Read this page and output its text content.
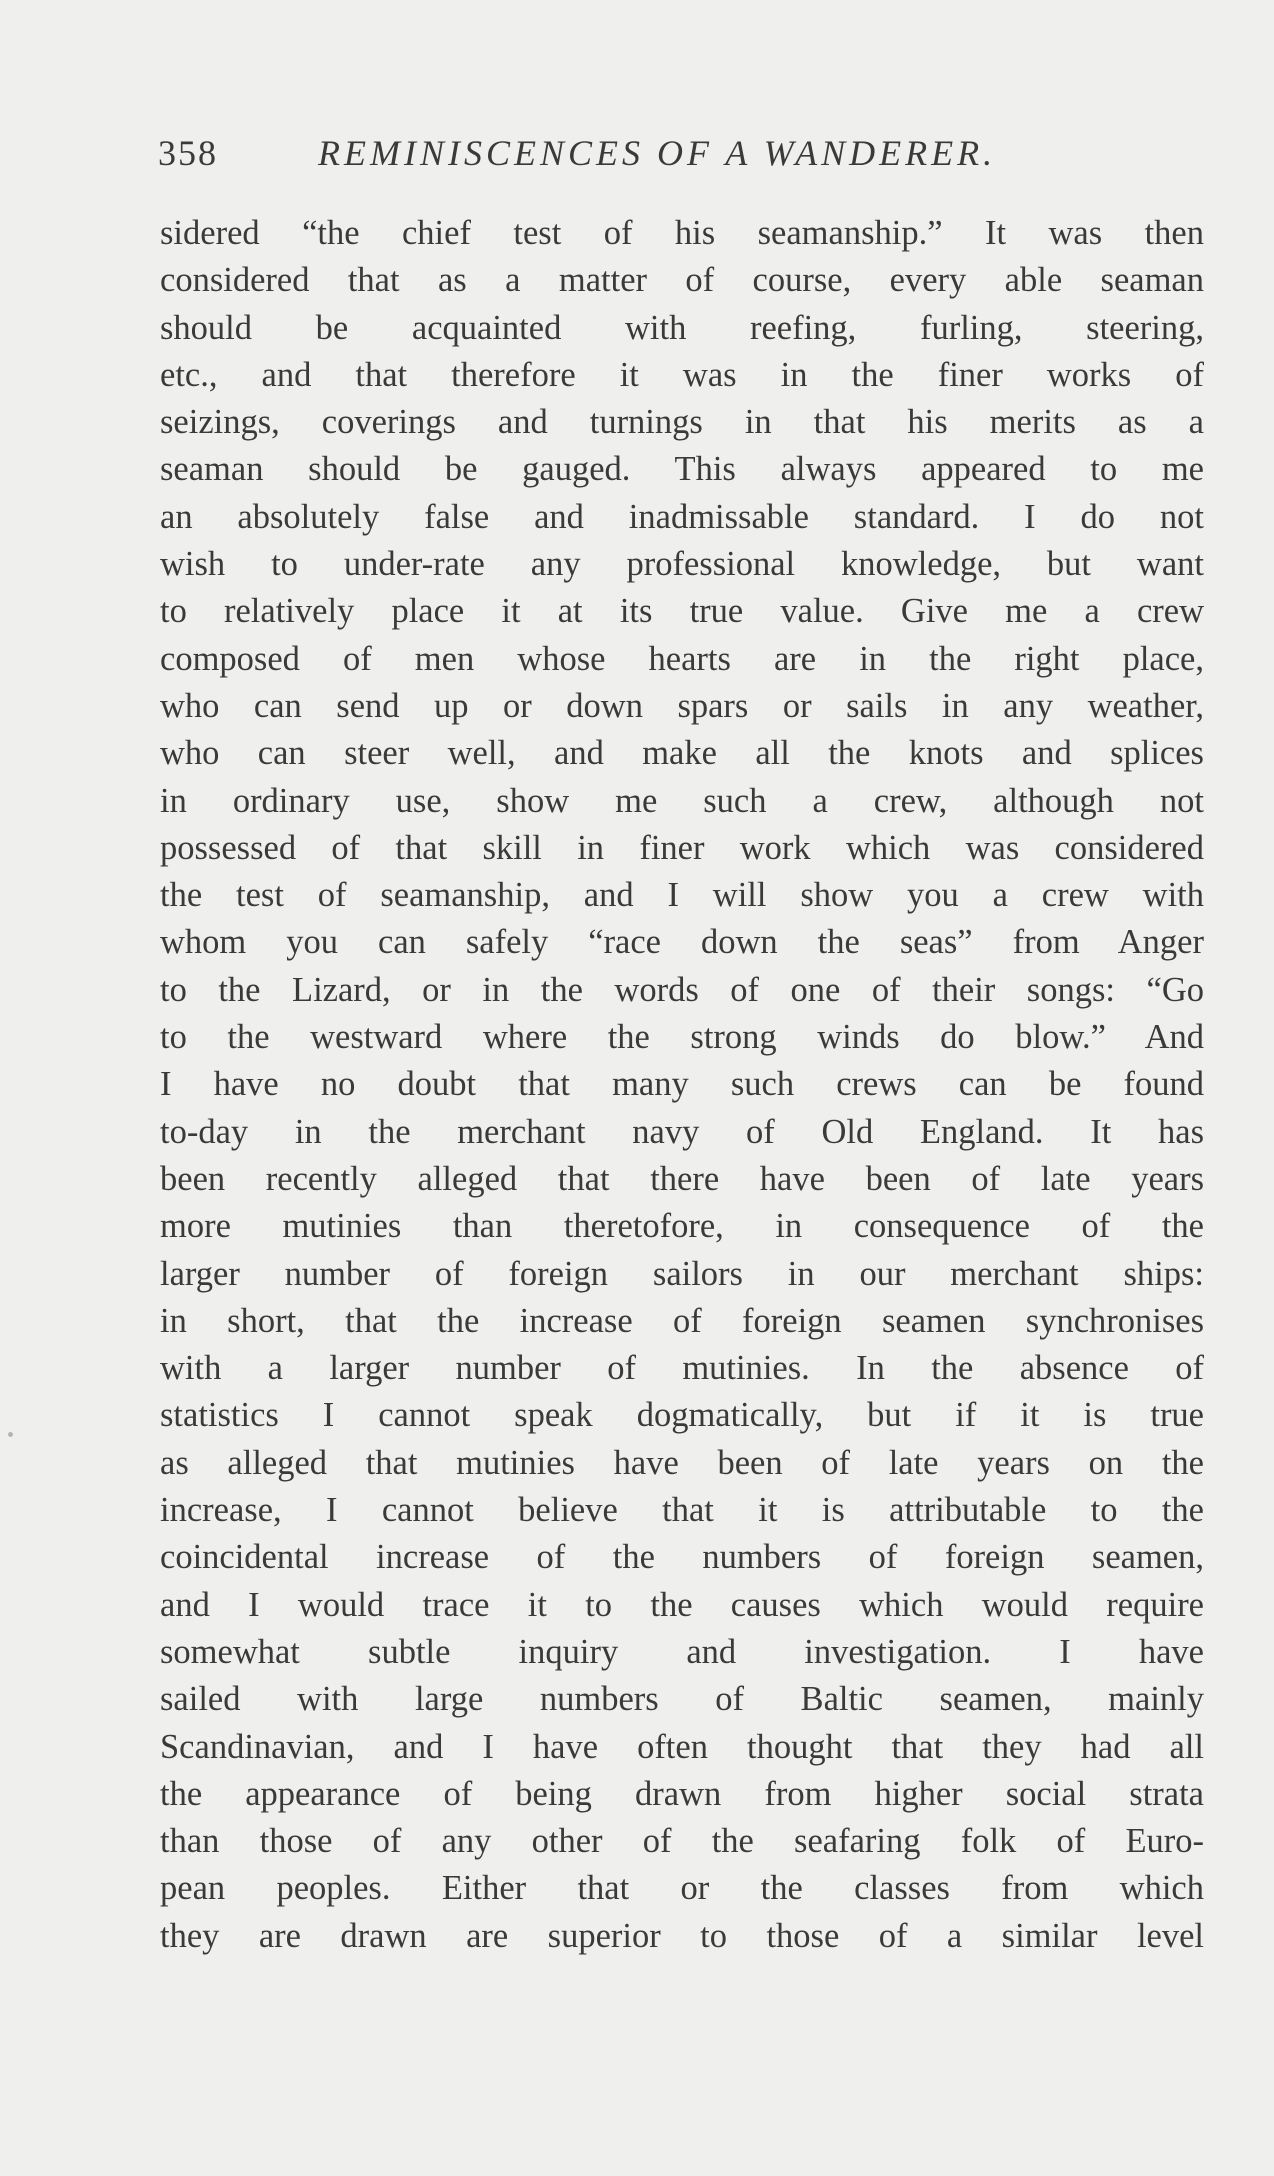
358	REMINISCENCES OF A WANDERER.
sidered “the chief test of his seamanship.” It was then
considered that as a matter of course, every able seaman
should be acquainted with reefing, furling, steering,
etc., and that therefore it was in the finer works of
seizings, coverings and turnings in that his merits as a
seaman should be gauged. This always appeared to me
an absolutely false and inadmissable standard. I do not
wish to under-rate any professional knowledge, but want
to relatively place it at its true value. Give me a crew
composed of men whose hearts are in the right place,
who can send up or down spars or sails in any weather,
who can steer well, and make all the knots and splices
in ordinary use, show me such a crew, although not
possessed of that skill in finer work which was considered
the test of seamanship, and I will show you a crew with
whom you can safely “race down the seas” from Anger
to the Lizard, or in the words of one of their songs: “Go
to the westward where the strong winds do blow.” And
I have no doubt that many such crews can be found
to-day in the merchant navy of Old England. It has
been recently alleged that there have been of late years
more mutinies than theretofore, in consequence of the
larger number of foreign sailors in our merchant ships:
in short, that the increase of foreign seamen synchronises
with a larger number of mutinies. In the absence of
statistics I cannot speak dogmatically, but if it is true
as alleged that mutinies have been of late years on the
increase, I cannot believe that it is attributable to the
coincidental increase of the numbers of foreign seamen,
and I would trace it to the causes which would require
somewhat subtle inquiry and investigation. I have
sailed with large numbers of Baltic seamen, mainly
Scandinavian, and I have often thought that they had all
the appearance of being drawn from higher social strata
than those of any other of the seafaring folk of Euro-
pean peoples. Either that or the classes from which
they are drawn are superior to those of a similar level
